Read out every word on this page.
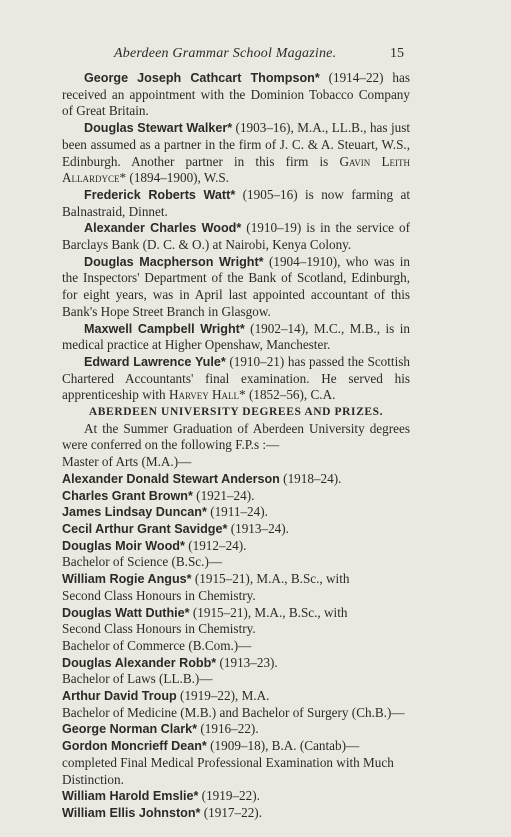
Aberdeen Grammar School Magazine.	15

George Joseph Cathcart Thompson* (1914–22) has received an appointment with the Dominion Tobacco Company of Great Britain.

Douglas Stewart Walker* (1903–16), M.A., LL.B., has just been assumed as a partner in the firm of J. C. & A. Steuart, W.S., Edinburgh. Another partner in this firm is Gavin Leith Allardyce* (1894–1900), W.S.

Frederick Roberts Watt* (1905–16) is now farming at Balnastraid, Dinnet.

Alexander Charles Wood* (1910–19) is in the service of Barclays Bank (D. C. & O.) at Nairobi, Kenya Colony.

Douglas Macpherson Wright* (1904–1910), who was in the Inspectors' Department of the Bank of Scotland, Edinburgh, for eight years, was in April last appointed accountant of this Bank's Hope Street Branch in Glasgow.

Maxwell Campbell Wright* (1902–14), M.C., M.B., is in medical practice at Higher Openshaw, Manchester.

Edward Lawrence Yule* (1910–21) has passed the Scottish Chartered Accountants' final examination. He served his apprenticeship with Harvey Hall* (1852–56), C.A.

ABERDEEN UNIVERSITY DEGREES AND PRIZES.

At the Summer Graduation of Aberdeen University degrees were conferred on the following F.P.s :—

Master of Arts (M.A.)—

Alexander Donald Stewart Anderson (1918–24).

Charles Grant Brown* (1921–24).

James Lindsay Duncan* (1911–24).

Cecil Arthur Grant Savidge* (1913–24).

Douglas Moir Wood* (1912–24).

Bachelor of Science (B.Sc.)—

William Rogie Angus* (1915–21), M.A., B.Sc., with

Second Class Honours in Chemistry.

Douglas Watt Duthie* (1915–21), M.A., B.Sc., with

Second Class Honours in Chemistry.

Bachelor of Commerce (B.Com.)—

Douglas Alexander Robb* (1913–23).

Bachelor of Laws (LL.B.)—

Arthur David Troup (1919–22), M.A.

Bachelor of Medicine (M.B.) and Bachelor of Surgery (Ch.B.)—

George Norman Clark* (1916–22).

Gordon Moncrieff Dean* (1909–18), B.A. (Cantab)—

completed Final Medical Professional Examination with Much Distinction.

William Harold Emslie* (1919–22).

William Ellis Johnston* (1917–22).
